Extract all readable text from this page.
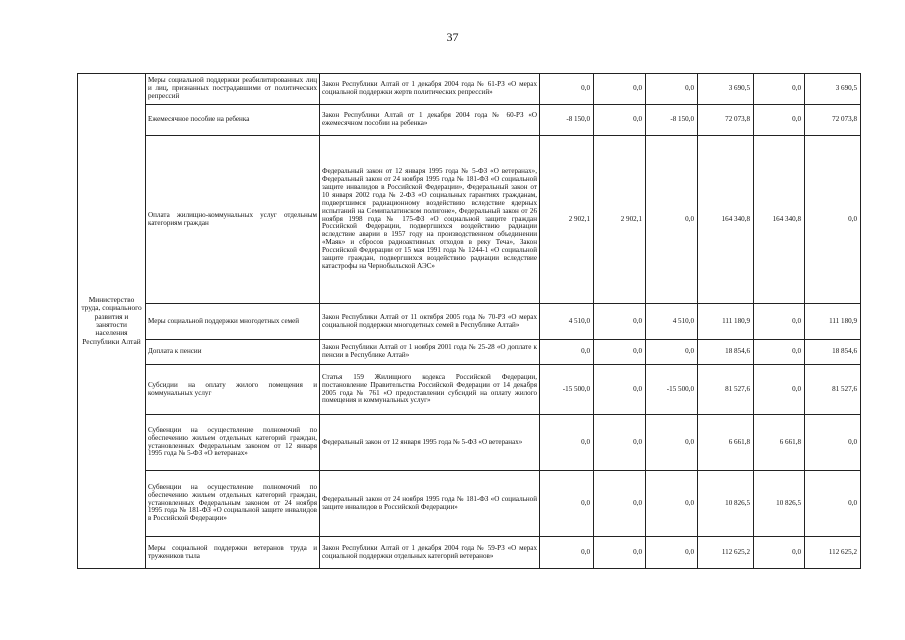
37
Министерство труда, социального развития и занятости населения Республики Алтай	Меры социальной поддержки реабилитированных лиц и лиц, признанных пострадавшими от политических репрессий	Закон Республики Алтай от 1 декабря 2004 года № 61-РЗ «О мерах социальной поддержки жертв политических репрессий»	0,0	0,0	0,0	3 690,5	0,0	3 690,5
	Ежемесячное пособие на ребенка	Закон Республики Алтай от 1 декабря 2004 года № 60-РЗ «О ежемесячном пособии на ребенка»	-8 150,0	0,0	-8 150,0	72 073,8	0,0	72 073,8
	Оплата жилищно-коммунальных услуг отдельным категориям граждан	Федеральный закон от 12 января 1995 года № 5-ФЗ «О ветеранах», Федеральный закон от 24 ноября 1995 года № 181-ФЗ «О социальной защите инвалидов в Российской Федерации», Федеральный закон от 10 января 2002 года № 2-ФЗ «О социальных гарантиях гражданам, подвергшимся радиационному воздействию вследствие ядерных испытаний на Семипалатинском полигоне», Федеральный закон от 26 ноября 1998 года № 175-ФЗ «О социальной защите граждан Российской Федерации, подвергшихся воздействию радиации вследствие аварии в 1957 году на производственном объединении «Маяк» и сбросов радиоактивных отходов в реку Теча», Закон Российской Федерации от 15 мая 1991 года № 1244-1 «О социальной защите граждан, подвергшихся воздействию радиации вследствие катастрофы на Чернобыльской АЭС»	2 902,1	2 902,1	0,0	164 340,8	164 340,8	0,0
	Меры социальной поддержки многодетных семей	Закон Республики Алтай от 11 октября 2005 года № 70-РЗ «О мерах социальной поддержки многодетных семей в Республике Алтай»	4 510,0	0,0	4 510,0	111 180,9	0,0	111 180,9
	Доплата к пенсии	Закон Республики Алтай от 1 ноября 2001 года № 25-28 «О доплате к пенсии в Республике Алтай»	0,0	0,0	0,0	18 854,6	0,0	18 854,6
	Субсидии на оплату жилого помещения и коммунальных услуг	Статья 159 Жилищного кодекса Российской Федерации, постановление Правительства Российской Федерации от 14 декабря 2005 года № 761 «О предоставлении субсидий на оплату жилого помещения и коммунальных услуг»	-15 500,0	0,0	-15 500,0	81 527,6	0,0	81 527,6
	Субвенции на осуществление полномочий по обеспечению жильем отдельных категорий граждан, установленных Федеральным законом от 12 января 1995 года № 5-ФЗ «О ветеранах»	Федеральный закон от 12 января 1995 года № 5-ФЗ «О ветеранах»	0,0	0,0	0,0	6 661,8	6 661,8	0,0
	Субвенции на осуществление полномочий по обеспечению жильем отдельных категорий граждан, установленных Федеральным законом от 24 ноября 1995 года № 181-ФЗ «О социальной защите инвалидов в Российской Федерации»	Федеральный закон от 24 ноября 1995 года № 181-ФЗ «О социальной защите инвалидов в Российской Федерации»	0,0	0,0	0,0	10 826,5	10 826,5	0,0
	Меры социальной поддержки ветеранов труда и тружеников тыла	Закон Республики Алтай от 1 декабря 2004 года № 59-РЗ «О мерах социальной поддержки отдельных категорий ветеранов»	0,0	0,0	0,0	112 625,2	0,0	112 625,2
